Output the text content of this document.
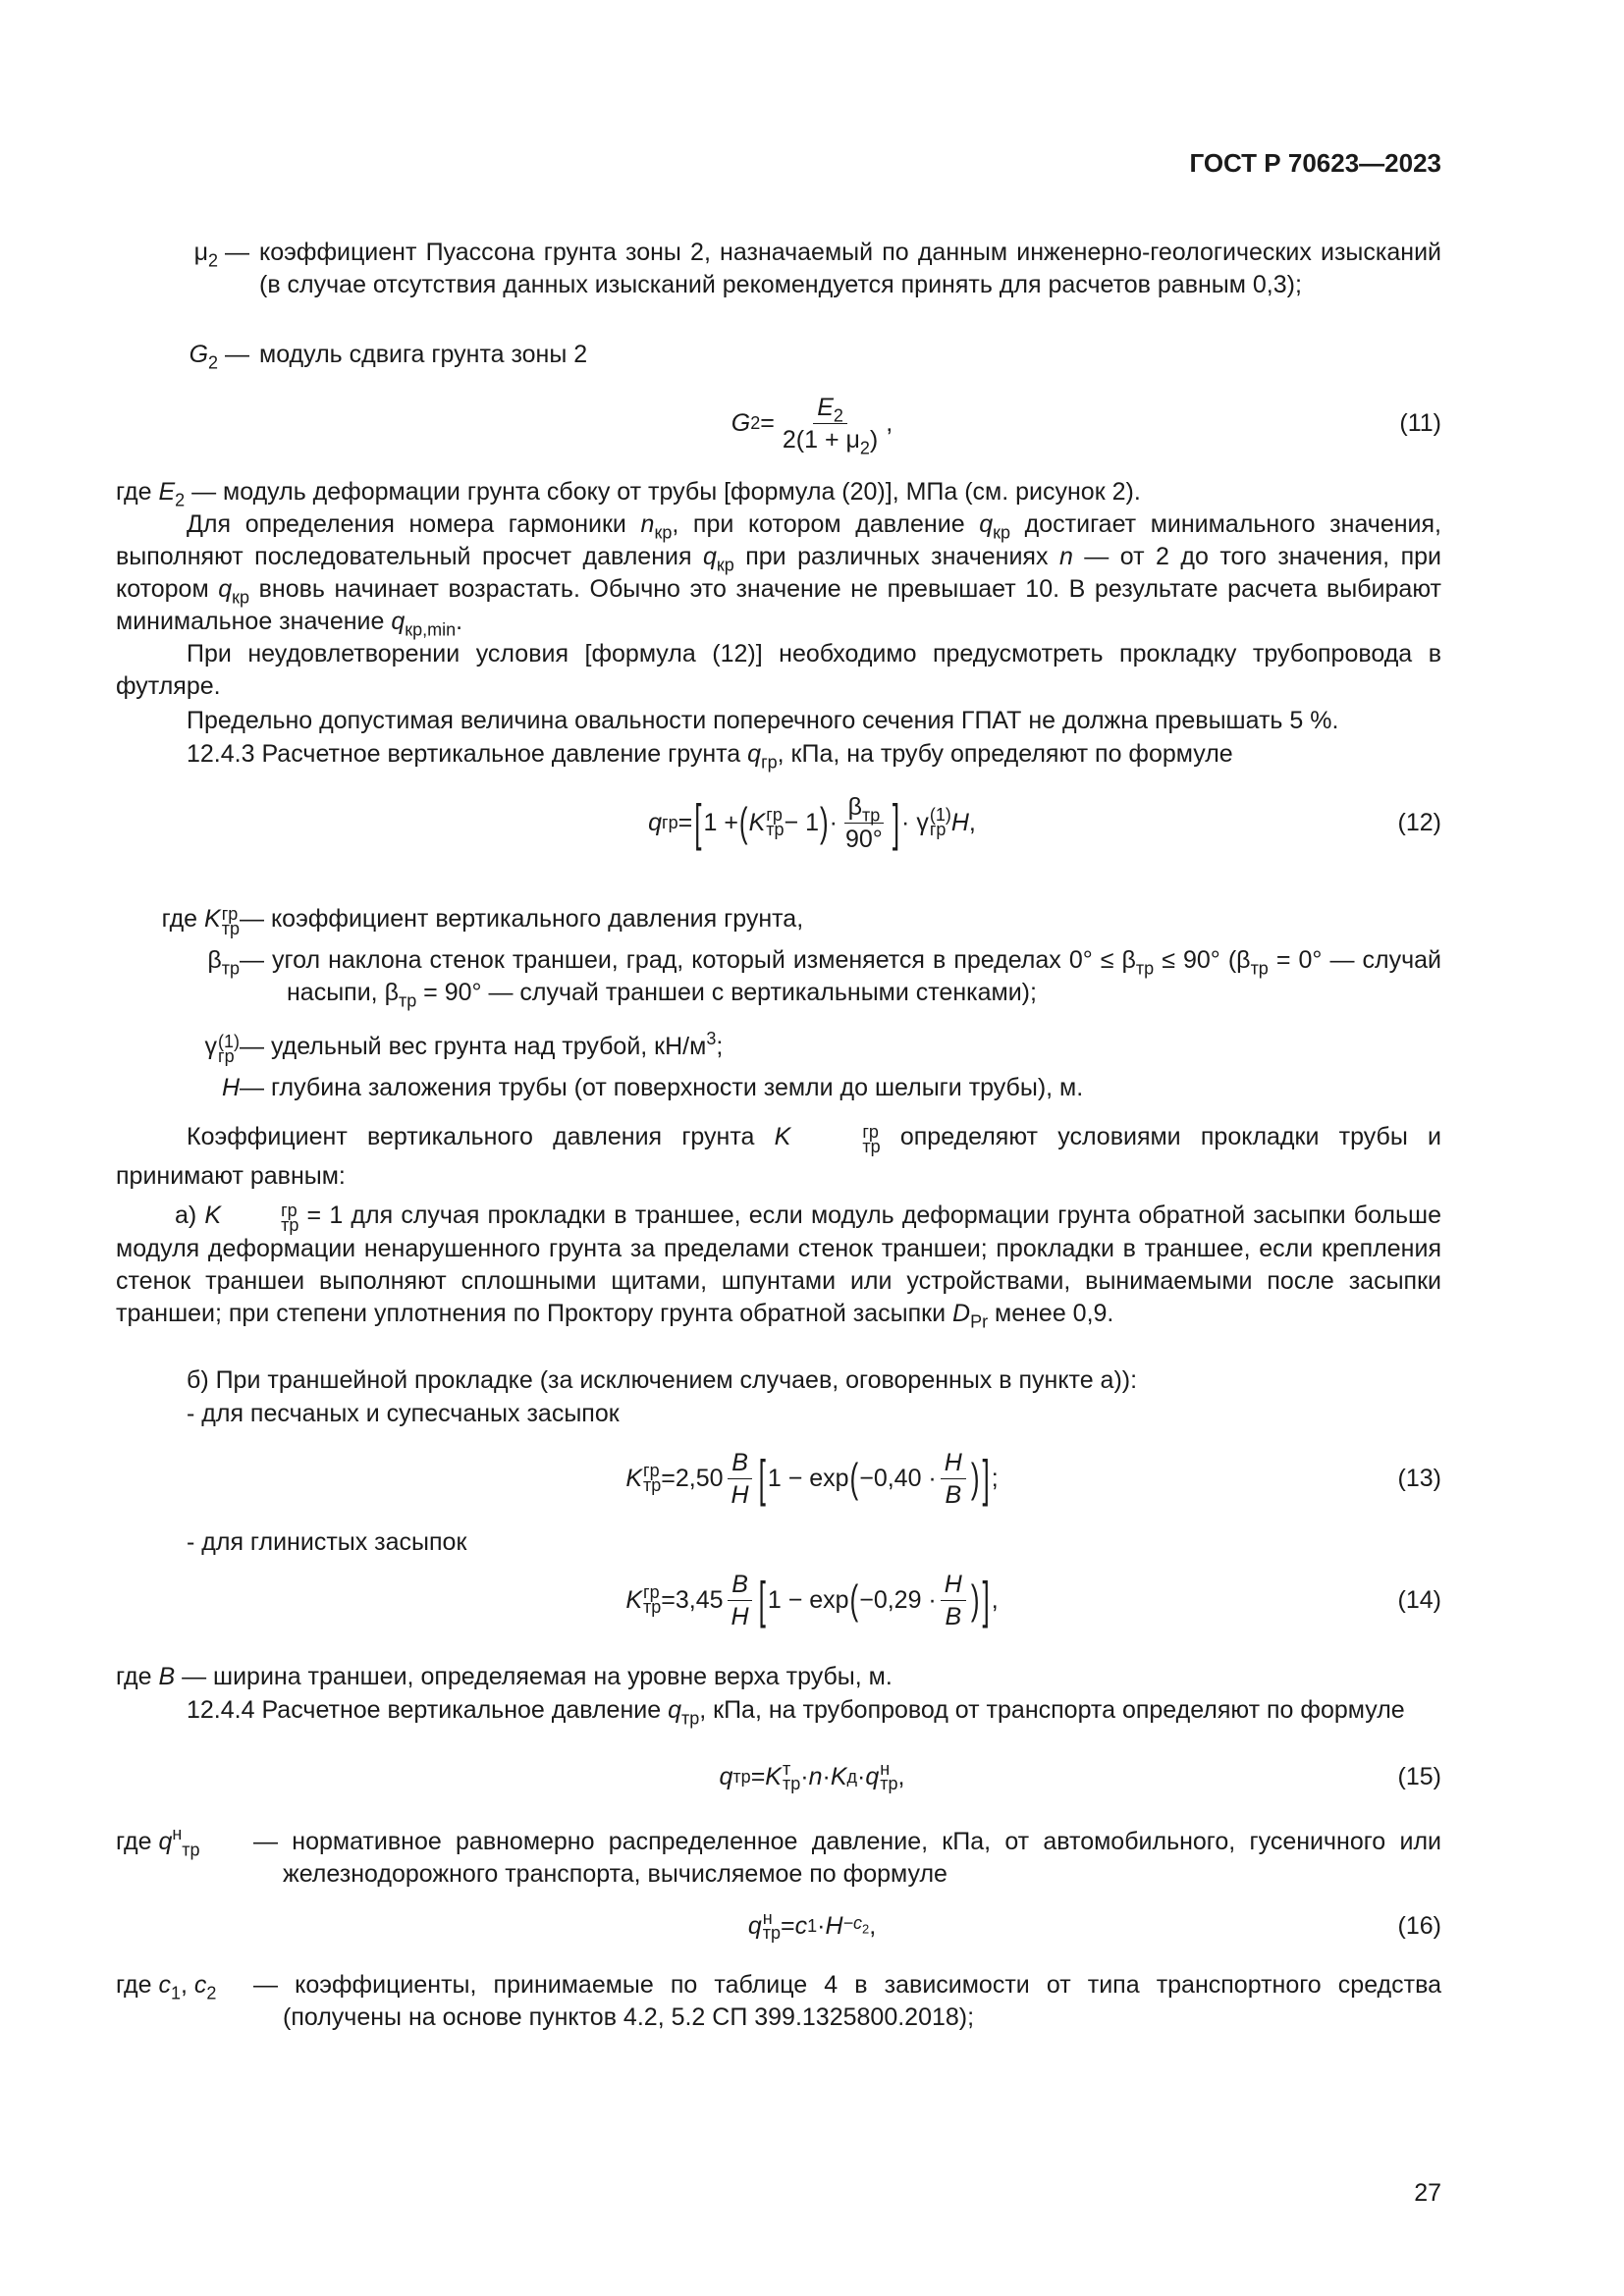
ГОСТ Р 70623—2023
$\mu_2$ — коэффициент Пуассона грунта зоны 2, назначаемый по данным инженерно-геологических изысканий (в случае отсутствия данных изысканий рекомендуется принять для расчетов равным 0,3);
$G_2$ — модуль сдвига грунта зоны 2
G $2 = \frac{E_2}{2(1 + \mu_2)}$ ,	(11)
где $E_2$ — модуль деформации грунта сбоку от трубы [формула (20)], МПа (см. рисунок 2).
Для определения номера гармоники $n_{кр}$, при котором давление $q_{кр}$ достигает минимального значения, выполняют последовательный просчет давления $q_{кр}$ при различных значениях n — от 2 до того значения, при котором $q_{кр}$ вновь начинает возрастать. Обычно это значение не превышает 10. В результате расчета выбирают минимальное значение $q_{кр,min}$.
При неудовлетворении условия [формула (12)] необходимо предусмотреть прокладку трубопровода в футляре.
Предельно допустимая величина овальности поперечного сечения ГПАТ не должна превышать 5 %.
12.4.3 Расчетное вертикальное давление грунта $q_{гр}$, кПа, на трубу определяют по формуле
q гр = [ 1 + ( K гр
тр − 1 ) · $\frac{\beta_{тр}}{90^\circ}$ ] · γ (1)
гр H ,	(12)
где K гр
тр — коэффициент вертикального давления грунта,
$\beta_{тр}$ — угол наклона стенок траншеи, град, который изменяется в пределах $0^\circ \le \beta_{тр} \le 90^\circ$ ($\beta_{тр} = 0^\circ$ — случай насыпи, $\beta_{тр} = 90^\circ$ — случай траншеи с вертикальными стенками);
γ (1)
гр — удельный вес грунта над трубой, $кН/м^3$;
H — глубина заложения трубы (от поверхности земли до шелыги трубы), м.
Коэффициент вертикального давления грунта K	гр
тр определяют условиями прокладки трубы и принимают равным:
а) K	гр
тр = 1 для случая прокладки в траншее, если модуль деформации грунта обратной засыпки больше модуля деформации ненарушенного грунта за пределами стенок траншеи; прокладки в траншее, если крепления стенок траншеи выполняют сплошными щитами, шпунтами или устройствами, вынимаемыми после засыпки траншеи; при степени уплотнения по Проктору грунта обратной засыпки $D_{Pr}$ менее 0,9.
б) При траншейной прокладке (за исключением случаев, оговоренных в пункте а)):
- для песчаных и супесчаных засыпок
K гр
тр = $2,50 \frac{B}{H}$ [ 1 − exp ( $-0,40 \cdot \frac{H}{B}$ ) ] ;	(13)
- для глинистых засыпок
K гр
тр = $3,45 \frac{B}{H}$ [ 1 − exp ( $-0,29 \cdot \frac{H}{B}$ ) ] ,	(14)
где B — ширина траншеи, определяемая на уровне верха трубы, м.
12.4.4 Расчетное вертикальное давление $q_{тр}$, кПа, на трубопровод от транспорта определяют по формуле
q тр = K т
тр · n · K д · q н
тр ,	(15)
где $q^н_{тр}$	— нормативное равномерно распределенное давление, кПа, от автомобильного, гусеничного или железнодорожного транспорта, вычисляемое по формуле
q н
тр = c $1 \cdot H -c_2$ ,	(16)
где $c_1$, $c_2$	— коэффициенты, принимаемые по таблице 4 в зависимости от типа транспортного средства (получены на основе пунктов 4.2, 5.2 СП 399.1325800.2018);
27
